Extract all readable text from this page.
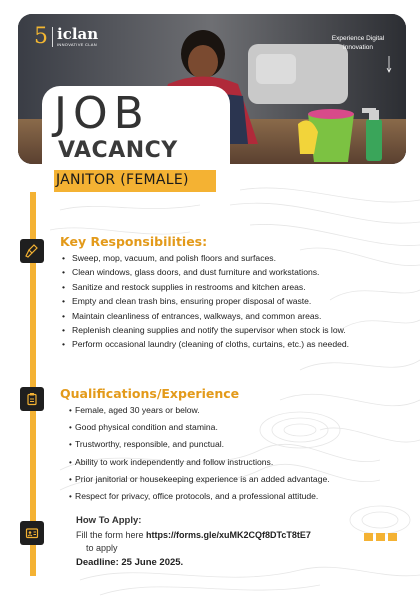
5 iclan
INNOVATIVE CLAN
Experience Digital Innovation
JOB
VACANCY
JANITOR (FEMALE)
Key Responsibilities:
• Sweep, mop, vacuum, and polish floors and surfaces.
• Clean windows, glass doors, and dust furniture and workstations.
• Sanitize and restock supplies in restrooms and kitchen areas.
• Empty and clean trash bins, ensuring proper disposal of waste.
• Maintain cleanliness of entrances, walkways, and common areas.
• Replenish cleaning supplies and notify the supervisor when stock is low.
• Perform occasional laundry (cleaning of cloths, curtains, etc.) as needed.
Qualifications/Experience
• Female, aged 30 years or below.
• Good physical condition and stamina.
• Trustworthy, responsible, and punctual.
• Ability to work independently and follow instructions.
• Prior janitorial or housekeeping experience is an added advantage.
• Respect for privacy, office protocols, and a professional attitude.
How To Apply:
Fill the form here https://forms.gle/xuMK2CQf8DTcT8tE7
to apply
Deadline: 25 June 2025.
